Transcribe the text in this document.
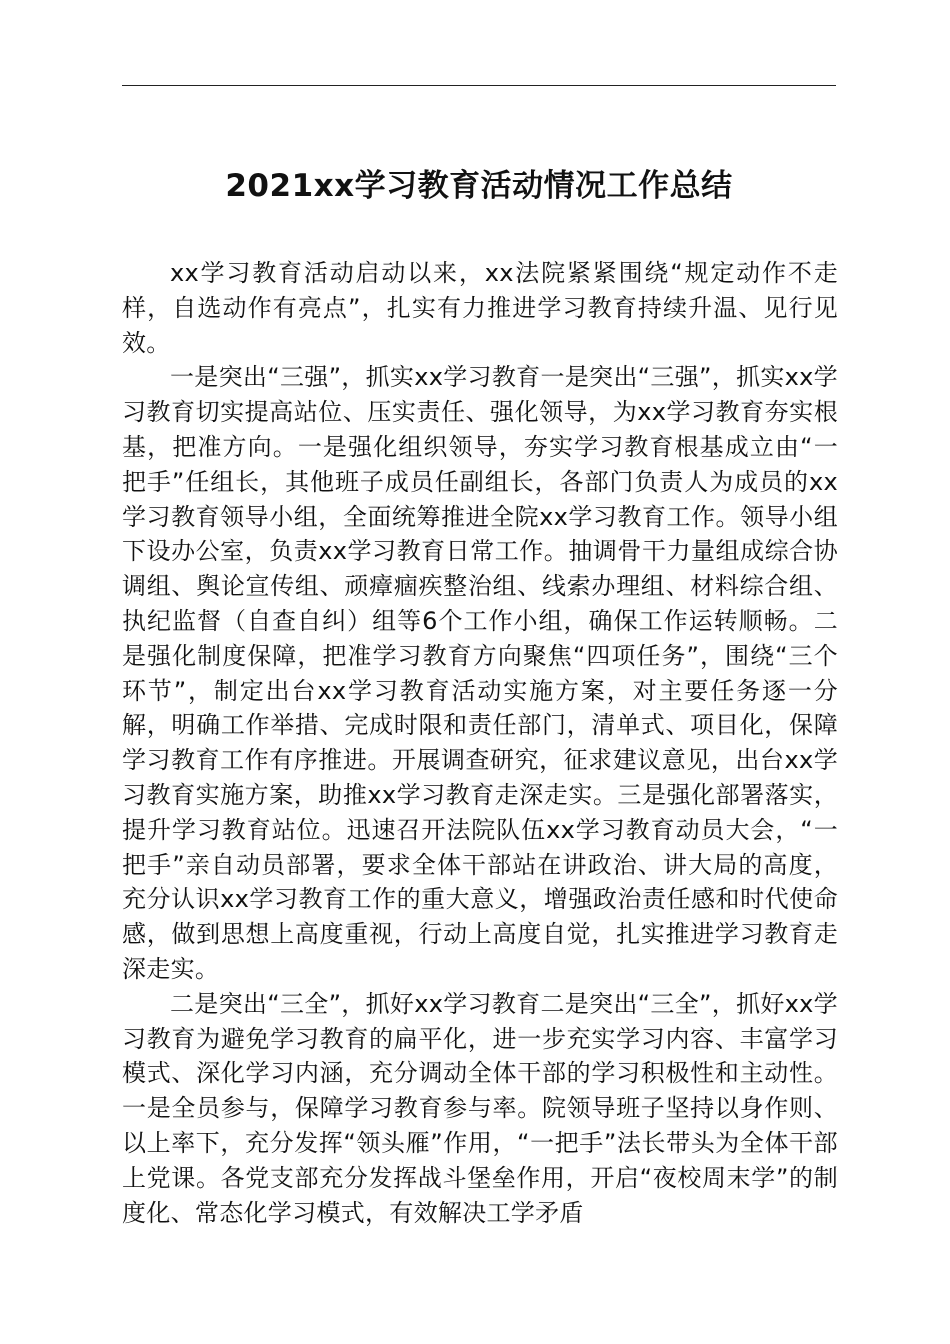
2021xx学习教育活动情况工作总结

xx学习教育活动启动以来，xx法院紧紧围绕“规定动作不走样，自选动作有亮点”，扎实有力推进学习教育持续升温、见行见效。

一是突出“三强”，抓实xx学习教育一是突出“三强”，抓实xx学习教育切实提高站位、压实责任、强化领导，为xx学习教育夯实根基，把准方向。一是强化组织领导，夯实学习教育根基成立由“一把手”任组长，其他班子成员任副组长，各部门负责人为成员的xx学习教育领导小组，全面统筹推进全院xx学习教育工作。领导小组下设办公室，负责xx学习教育日常工作。抽调骨干力量组成综合协调组、舆论宣传组、顽瘴痼疾整治组、线索办理组、材料综合组、执纪监督（自查自纠）组等6个工作小组，确保工作运转顺畅。二是强化制度保障，把准学习教育方向聚焦“四项任务”，围绕“三个环节”，制定出台xx学习教育活动实施方案，对主要任务逐一分解，明确工作举措、完成时限和责任部门，清单式、项目化，保障学习教育工作有序推进。开展调查研究，征求建议意见，出台xx学习教育实施方案，助推xx学习教育走深走实。三是强化部署落实，提升学习教育站位。迅速召开法院队伍xx学习教育动员大会，“一把手”亲自动员部署，要求全体干部站在讲政治、讲大局的高度，充分认识xx学习教育工作的重大意义，增强政治责任感和时代使命感，做到思想上高度重视，行动上高度自觉，扎实推进学习教育走深走实。

二是突出“三全”，抓好xx学习教育二是突出“三全”，抓好xx学习教育为避免学习教育的扁平化，进一步充实学习内容、丰富学习模式、深化学习内涵，充分调动全体干部的学习积极性和主动性。一是全员参与，保障学习教育参与率。院领导班子坚持以身作则、以上率下，充分发挥“领头雁”作用，“一把手”法长带头为全体干部上党课。各党支部充分发挥战斗堡垒作用，开启“夜校周末学”的制度化、常态化学习模式，有效解决工学矛盾
